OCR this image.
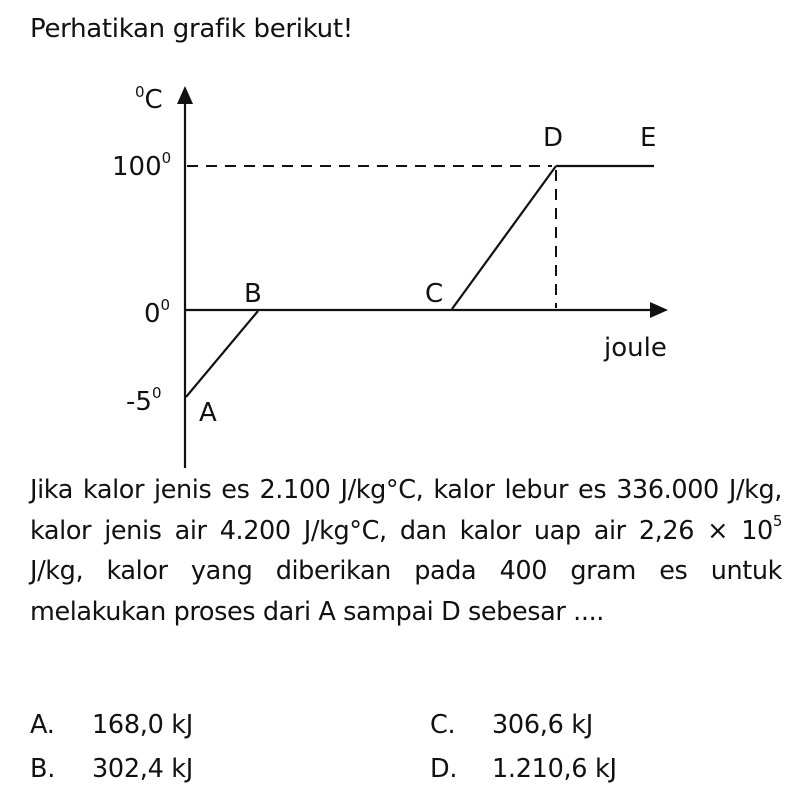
Perhatikan grafik berikut!
$^0$C
$100^0$
$0^0$
$-5^0$
A
B	C
D	E
joule
Jika kalor jenis es 2.100 J/kg°C, kalor lebur es 336.000 J/kg, kalor jenis air 4.200 J/kg°C, dan kalor uap air $2,26 \times 10^5$ J/kg, kalor yang diberikan pada 400 gram es untuk melakukan proses dari A sampai D sebesar ....
A. 168,0 kJ
B. 302,4 kJ
C. 306,6 kJ
D. 1.210,6 kJ
